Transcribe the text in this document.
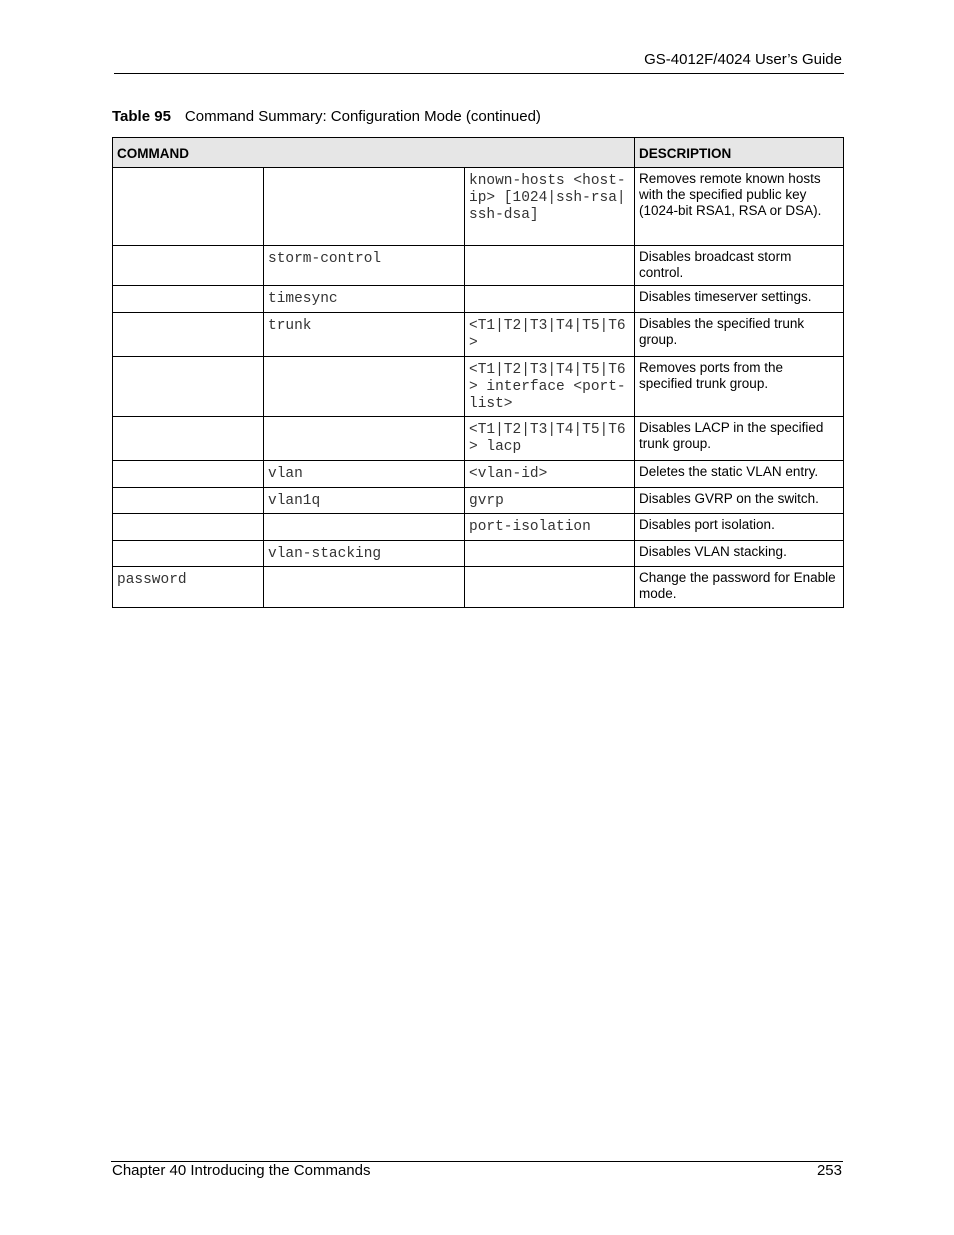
GS-4012F/4024 User’s Guide
Table 95 Command Summary: Configuration Mode (continued)
COMMAND			DESCRIPTION
		known-hosts <host-ip> [1024|ssh-rsa|ssh-dsa]	Removes remote known hosts with the specified public key (1024-bit RSA1, RSA or DSA).
	storm-control		Disables broadcast storm control.
	timesync		Disables timeserver settings.
	trunk	<T1|T2|T3|T4|T5|T6>	Disables the specified trunk group.
		<T1|T2|T3|T4|T5|T6> interface <port-list>	Removes ports from the specified trunk group.
		<T1|T2|T3|T4|T5|T6> lacp	Disables LACP in the specified trunk group.
	vlan	<vlan-id>	Deletes the static VLAN entry.
	vlan1q	gvrp	Disables GVRP on the switch.
		port-isolation	Disables port isolation.
	vlan-stacking		Disables VLAN stacking.
password			Change the password for Enable mode.
Chapter 40 Introducing the Commands	253
